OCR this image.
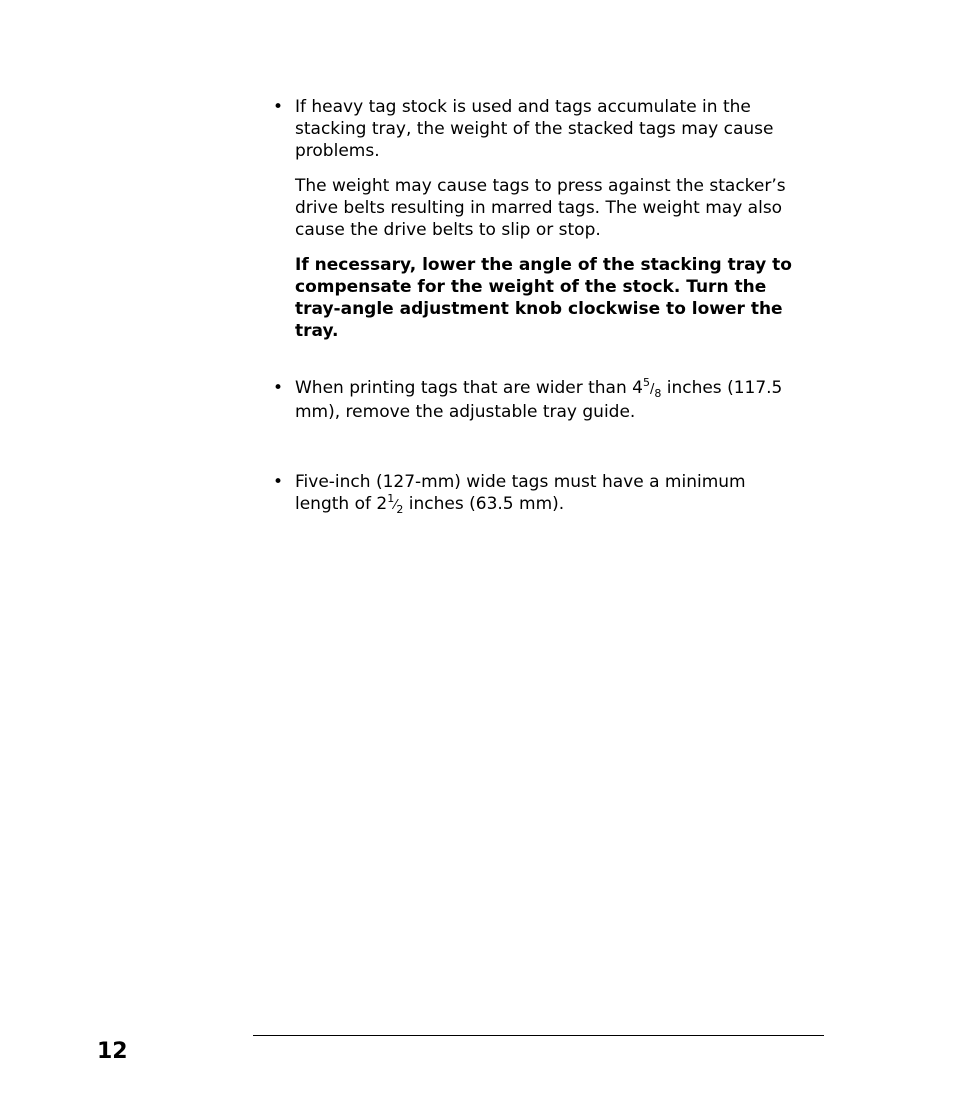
• If heavy tag stock is used and tags accumulate in the stacking tray, the weight of the stacked tags may cause problems.

The weight may cause tags to press against the stacker’s drive belts resulting in marred tags. The weight may also cause the drive belts to slip or stop.

If necessary, lower the angle of the stacking tray to compensate for the weight of the stock. Turn the tray-angle adjustment knob clockwise to lower the tray.

• When printing tags that are wider than $4^5/_8$ inches (117.5 mm), remove the adjustable tray guide.

• Five-inch (127-mm) wide tags must have a minimum length of $2^1⁄_2$ inches (63.5 mm).

12
